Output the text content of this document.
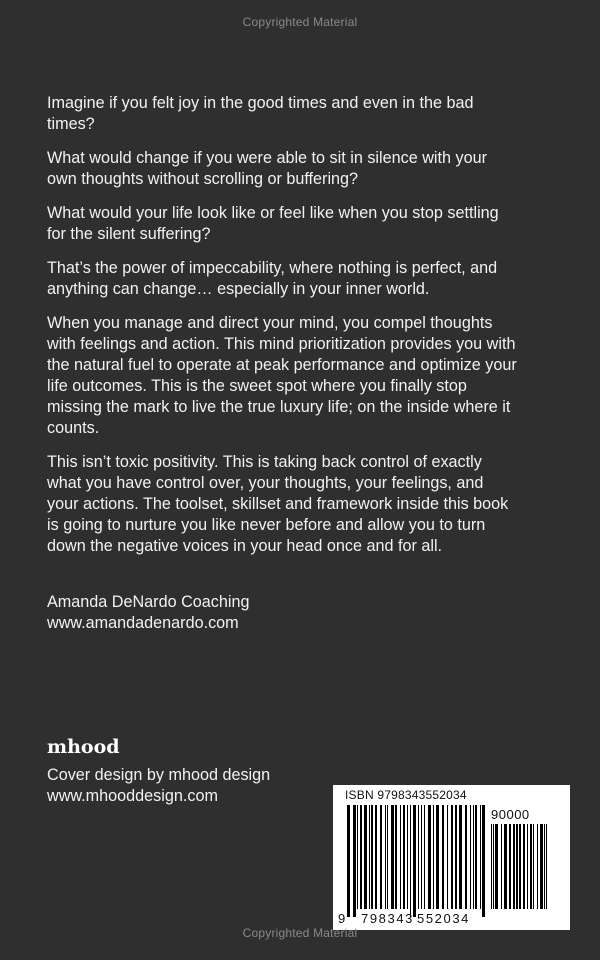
Copyrighted Material

Imagine if you felt joy in the good times and even in the bad times?

What would change if you were able to sit in silence with your own thoughts without scrolling or buffering?

What would your life look like or feel like when you stop settling for the silent suffering?

That’s the power of impeccability, where nothing is perfect, and anything can change… especially in your inner world.

When you manage and direct your mind, you compel thoughts with feelings and action. This mind prioritization provides you with the natural fuel to operate at peak performance and optimize your life outcomes. This is the sweet spot where you finally stop missing the mark to live the true luxury life; on the inside where it counts.

This isn’t toxic positivity. This is taking back control of exactly what you have control over, your thoughts, your feelings, and your actions. The toolset, skillset and framework inside this book is going to nurture you like never before and allow you to turn down the negative voices in your head once and for all.

Amanda DeNardo Coaching
www.amandadenardo.com
mhood
Cover design by mhood design
www.mhooddesign.com	ISBN 9798343552034
90000
9 798343 552034
Copyrighted Material
